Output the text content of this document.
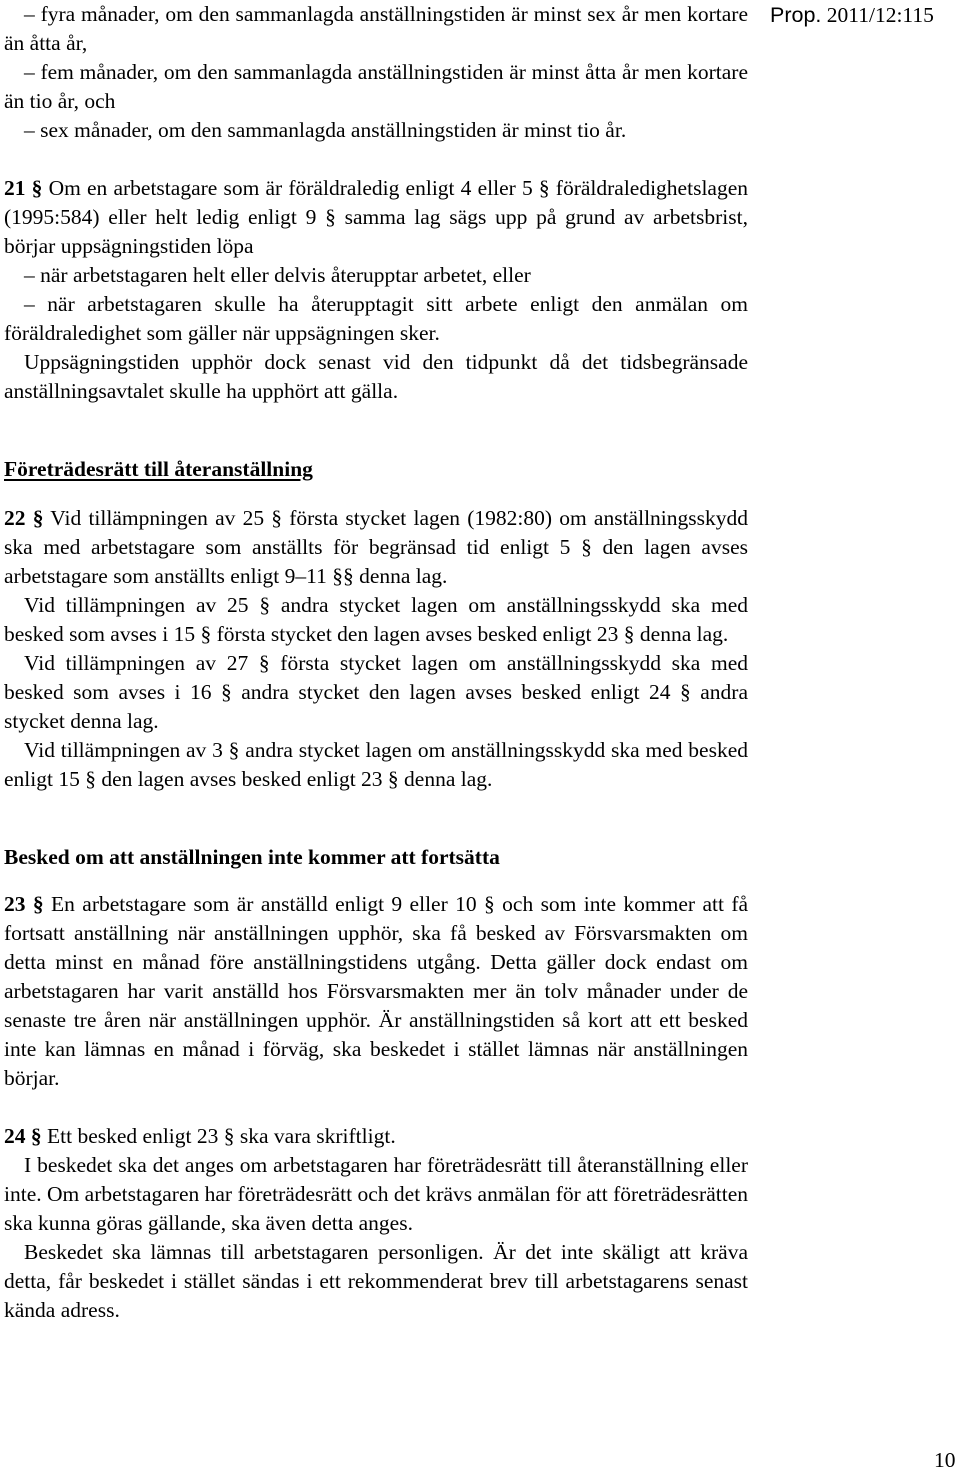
Prop. 2011/12:115

– fyra månader, om den sammanlagda anställningstiden är minst sex år men kortare än åtta år,

– fem månader, om den sammanlagda anställningstiden är minst åtta år men kortare än tio år, och

– sex månader, om den sammanlagda anställningstiden är minst tio år.

21 § Om en arbetstagare som är föräldraledig enligt 4 eller 5 § föräldraledighetslagen (1995:584) eller helt ledig enligt 9 § samma lag sägs upp på grund av arbetsbrist, börjar uppsägningstiden löpa

– när arbetstagaren helt eller delvis återupptar arbetet, eller

– när arbetstagaren skulle ha återupptagit sitt arbete enligt den anmälan om föräldraledighet som gäller när uppsägningen sker.

Uppsägningstiden upphör dock senast vid den tidpunkt då det tidsbegränsade anställningsavtalet skulle ha upphört att gälla.

Företrädesrätt till återanställning

22 § Vid tillämpningen av 25 § första stycket lagen (1982:80) om anställningsskydd ska med arbetstagare som anställts för begränsad tid enligt 5 § den lagen avses arbetstagare som anställts enligt 9–11 §§ denna lag.

Vid tillämpningen av 25 § andra stycket lagen om anställningsskydd ska med besked som avses i 15 § första stycket den lagen avses besked enligt 23 § denna lag.

Vid tillämpningen av 27 § första stycket lagen om anställningsskydd ska med besked som avses i 16 § andra stycket den lagen avses besked enligt 24 § andra stycket denna lag.

Vid tillämpningen av 3 § andra stycket lagen om anställningsskydd ska med besked enligt 15 § den lagen avses besked enligt 23 § denna lag.

Besked om att anställningen inte kommer att fortsätta

23 § En arbetstagare som är anställd enligt 9 eller 10 § och som inte kommer att få fortsatt anställning när anställningen upphör, ska få besked av Försvarsmakten om detta minst en månad före anställningstidens utgång. Detta gäller dock endast om arbetstagaren har varit anställd hos Försvarsmakten mer än tolv månader under de senaste tre åren när anställningen upphör. Är anställningstiden så kort att ett besked inte kan lämnas en månad i förväg, ska beskedet i stället lämnas när anställningen börjar.

24 § Ett besked enligt 23 § ska vara skriftligt.

I beskedet ska det anges om arbetstagaren har företrädesrätt till återanställning eller inte. Om arbetstagaren har företrädesrätt och det krävs anmälan för att företrädesrätten ska kunna göras gällande, ska även detta anges.

Beskedet ska lämnas till arbetstagaren personligen. Är det inte skäligt att kräva detta, får beskedet i stället sändas i ett rekommenderat brev till arbetstagarens senast kända adress.

10
